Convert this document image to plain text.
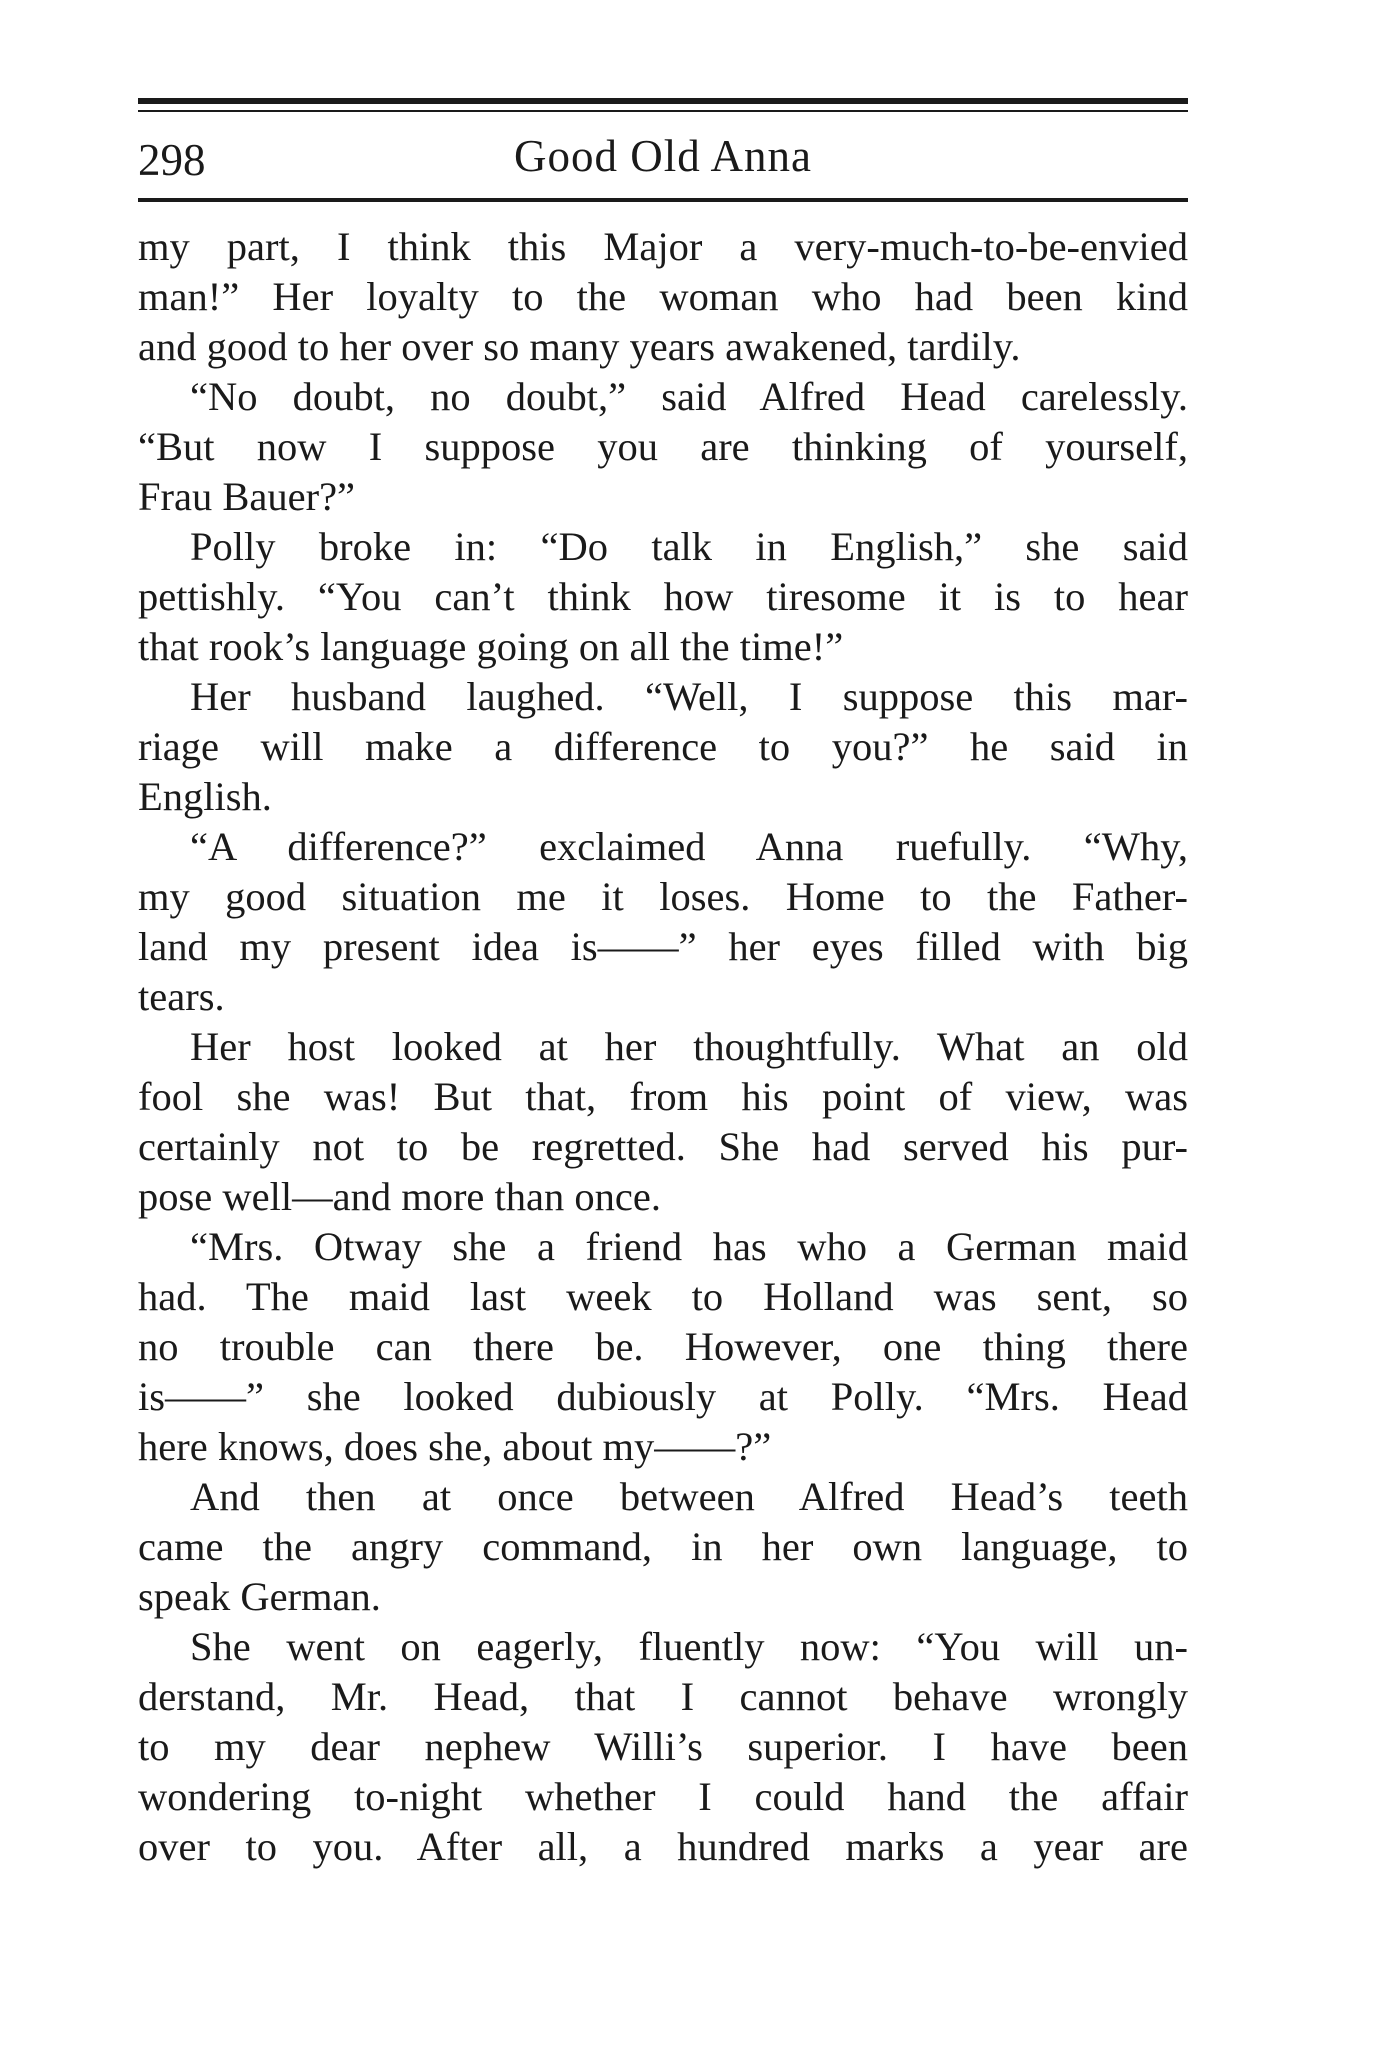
298	Good Old Anna
my part, I think this Major a very-much-to-be-envied
man!” Her loyalty to the woman who had been kind
and good to her over so many years awakened, tardily.
“No doubt, no doubt,” said Alfred Head carelessly.
“But now I suppose you are thinking of yourself,
Frau Bauer?”
Polly broke in: “Do talk in English,” she said
pettishly. “You can’t think how tiresome it is to hear
that rook’s language going on all the time!”
Her husband laughed. “Well, I suppose this mar-
riage will make a difference to you?” he said in
English.
“A difference?” exclaimed Anna ruefully. “Why,
my good situation me it loses. Home to the Father-
land my present idea is——” her eyes filled with big
tears.
Her host looked at her thoughtfully. What an old
fool she was! But that, from his point of view, was
certainly not to be regretted. She had served his pur-
pose well—and more than once.
“Mrs. Otway she a friend has who a German maid
had. The maid last week to Holland was sent, so
no trouble can there be. However, one thing there
is——” she looked dubiously at Polly. “Mrs. Head
here knows, does she, about my——?”
And then at once between Alfred Head’s teeth
came the angry command, in her own language, to
speak German.
She went on eagerly, fluently now: “You will un-
derstand, Mr. Head, that I cannot behave wrongly
to my dear nephew Willi’s superior. I have been
wondering to-night whether I could hand the affair
over to you. After all, a hundred marks a year are
